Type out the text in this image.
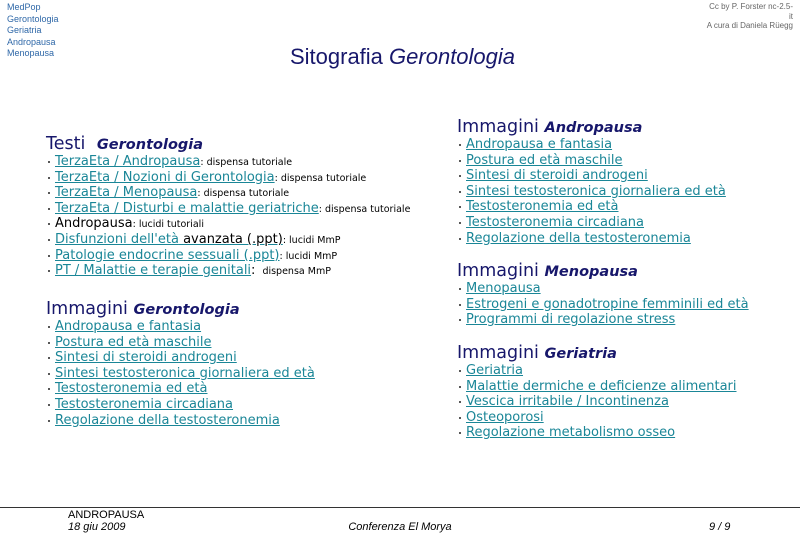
MedPop
Gerontologia
Geriatria
Andropausa
Menopausa
Cc by P. Forster nc-2.5-
it
A cura di Daniela Rüegg
Sitografia Gerontologia
Testi Gerontologia
TerzaEta / Andropausa: dispensa tutoriale
TerzaEta / Nozioni di Gerontologia: dispensa tutoriale
TerzaEta / Menopausa: dispensa tutoriale
TerzaEta / Disturbi e malattie geriatriche: dispensa tutoriale
Andropausa: lucidi tutoriali
Disfunzioni dell'età avanzata (.ppt): lucidi MmP
Patologie endocrine sessuali (.ppt): lucidi MmP
PT / Malattie e terapie genitali: dispensa MmP
Immagini Gerontologia
Andropausa e fantasia
Postura ed età maschile
Sintesi di steroidi androgeni
Sintesi testosteronica giornaliera ed età
Testosteronemia ed età
Testosteronemia circadiana
Regolazione della testosteronemia
Immagini Andropausa
Andropausa e fantasia
Postura ed età maschile
Sintesi di steroidi androgeni
Sintesi testosteronica giornaliera ed età
Testosteronemia ed età
Testosteronemia circadiana
Regolazione della testosteronemia
Immagini Menopausa
Menopausa
Estrogeni e gonadotropine femminili ed età
Programmi di regolazione stress
Immagini Geriatria
Geriatria
Malattie dermiche e deficienze alimentari
Vescica irritabile / Incontinenza
Osteoporosi
Regolazione metabolismo osseo
ANDROPAUSA
18 giu 2009	Conferenza El Morya	9 / 9
